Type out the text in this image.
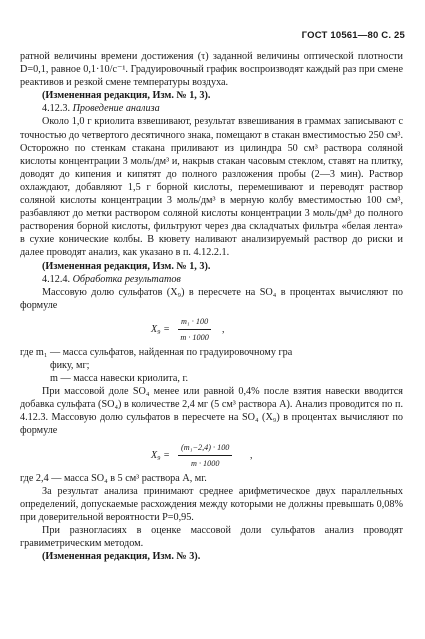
ГОСТ 10561—80 С. 25

ратной величины времени достижения (τ) заданной величины оптической плотности D=0,1, равное 0,1·10/c⁻¹. Градуировочный график воспроизводят каждый раз при смене реактивов и резкой смене температуры воздуха.

(Измененная редакция, Изм. № 1, 3).

4.12.3. Проведение анализа

Около 1,0 г криолита взвешивают, результат взвешивания в граммах записывают с точностью до четвертого десятичного знака, помещают в стакан вместимостью 250 см³. Осторожно по стенкам стакана приливают из цилиндра 50 см³ раствора соляной кислоты концентрации 3 моль/дм³ и, накрыв стакан часовым стеклом, ставят на плитку, доводят до кипения и кипятят до полного разложения пробы (2—3 мин). Раствор охлаждают, добавляют 1,5 г борной кислоты, перемешивают и переводят раствор соляной кислоты концентрации 3 моль/дм³ в мерную колбу вместимостью 100 см³, разбавляют до метки раствором соляной кислоты концентрации 3 моль/дм³ до полного растворения борной кислоты, фильтруют через два складчатых фильтра «белая лента» в сухие конические колбы. В кювету наливают анализируемый раствор до риски и далее проводят анализ, как указано в п. 4.12.2.1.

(Измененная редакция, Изм. № 1, 3).

4.12.4. Обработка результатов

Массовую долю сульфатов (X₉) в пересчете на SO₄ в процентах вычисляют по формуле

$X_9 = \frac{\text{m₁ · 100}}{m \cdot 1000}$ ,

где m₁ — масса сульфатов, найденная по градуировочному гра

фику, мг;

m — масса навески криолита, г.

При массовой доле SO₄ менее или равной 0,4% после взятия навески вводится добавка сульфата (SO₄) в количестве 2,4 мг (5 см³ раствора А). Анализ проводится по п. 4.12.3. Массовую долю сульфатов в пересчете на SO₄ (X₉) в процентах вычисляют по формуле

$X_9 = \frac{\text{(m₁−2,4) · 100}}{m \cdot 1000}$ ,

где 2,4 — масса SO₄ в 5 см³ раствора А, мг.

За результат анализа принимают среднее арифметическое двух параллельных определений, допускаемые расхождения между которыми не должны превышать 0,08% при доверительной вероятности P=0,95.

При разногласиях в оценке массовой доли сульфатов анализ проводят гравиметрическим методом.

(Измененная редакция, Изм. № 3).
